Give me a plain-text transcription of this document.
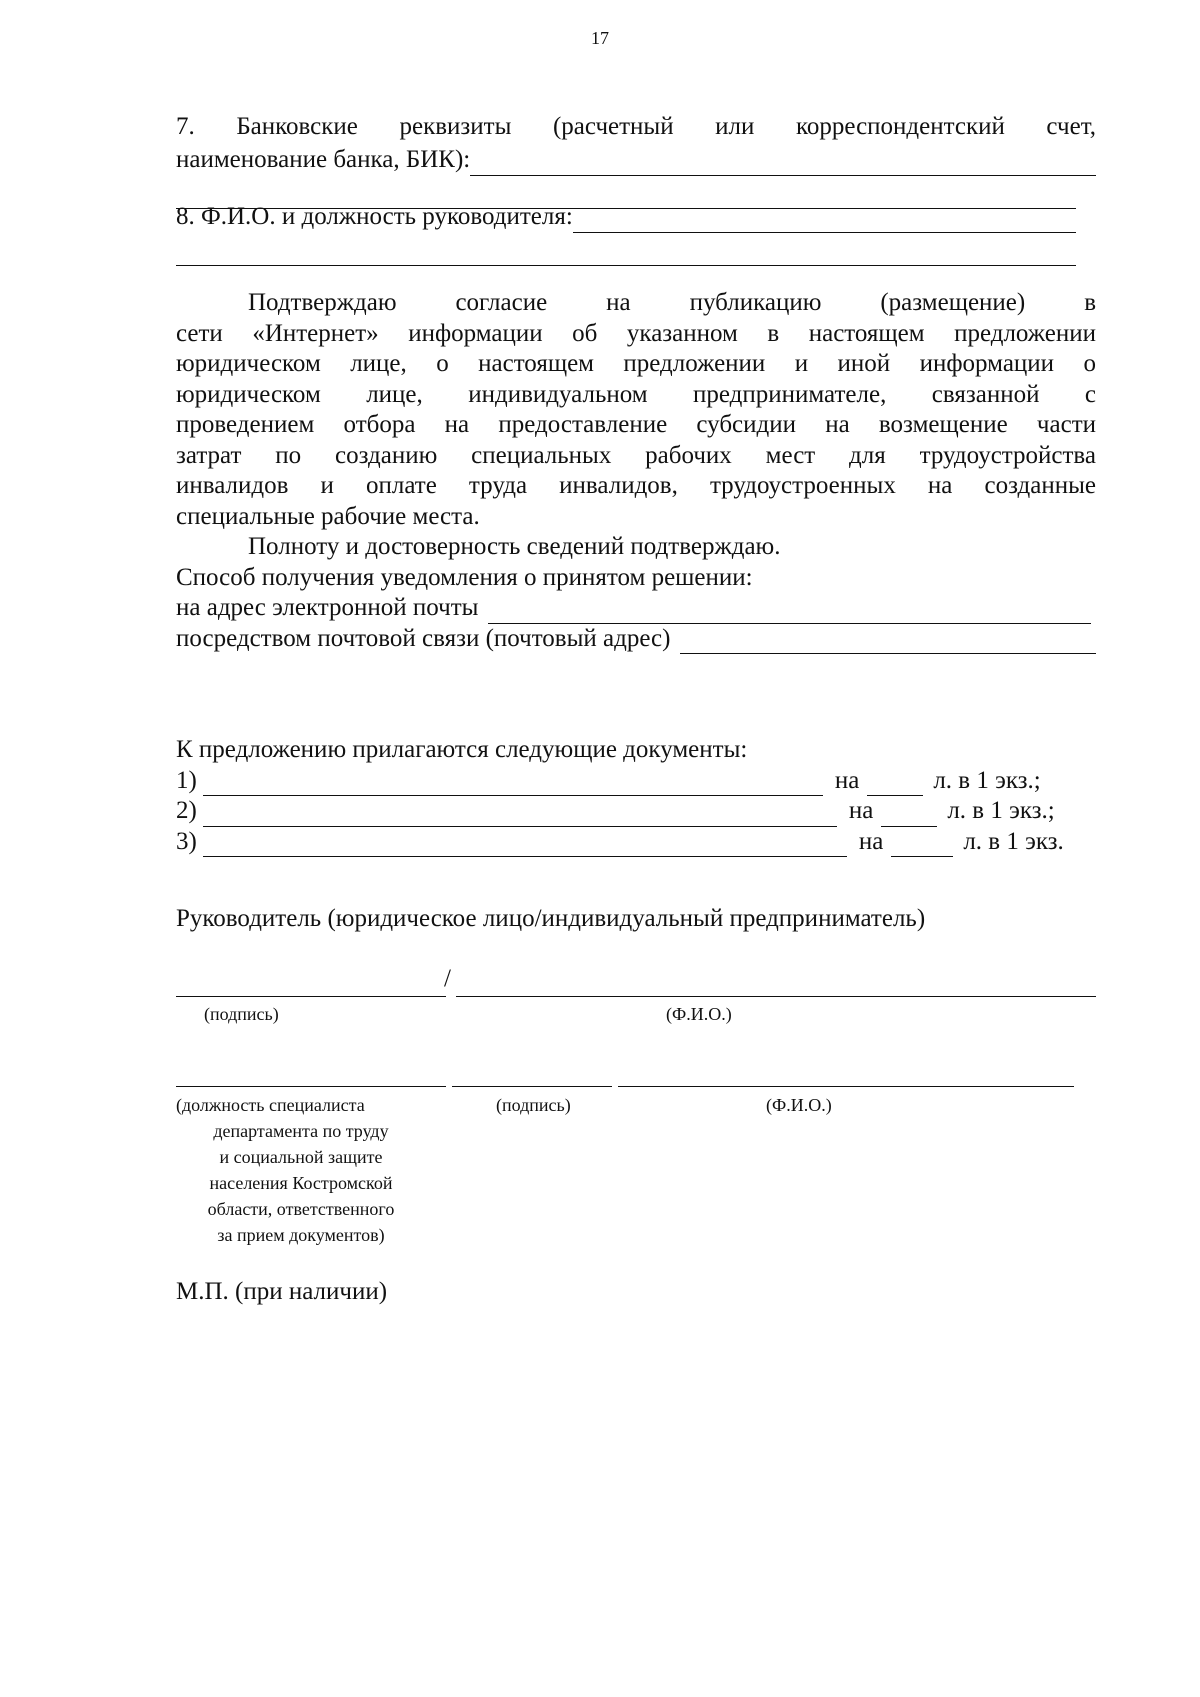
17
7. Банковские реквизиты (расчетный или корреспондентский счет,
наименование банка, БИК):
8. Ф.И.О. и должность руководителя:
Подтверждаю согласие на публикацию (размещение) в
сети «Интернет» информации об указанном в настоящем предложении
юридическом лице, о настоящем предложении и иной информации о
юридическом лице, индивидуальном предпринимателе, связанной с
проведением отбора на предоставление субсидии на возмещение части
затрат по созданию специальных рабочих мест для трудоустройства
инвалидов и оплате труда инвалидов, трудоустроенных на созданные
специальные рабочие места.
Полноту и достоверность сведений подтверждаю.
Способ получения уведомления о принятом решении:
на адрес электронной почты
посредством почтовой связи (почтовый адрес)
К предложению прилагаются следующие документы:
1)	на	л. в 1 экз.;
2)	на	л. в 1 экз.;
3)	на	л. в 1 экз.
Руководитель (юридическое лицо/индивидуальный предприниматель)
/
(подпись)	(Ф.И.О.)
(должность специалиста
департамента по труду
и социальной защите
населения Костромской
области, ответственного
за прием документов)
(подпись)	(Ф.И.О.)
М.П. (при наличии)
